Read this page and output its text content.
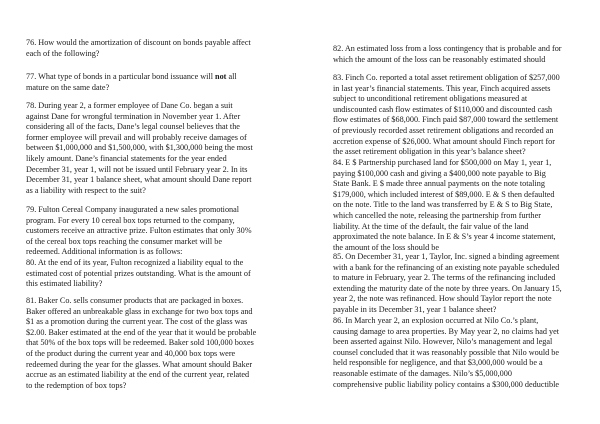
76. How would the amortization of discount on bonds payable affect
each of the following?

77. What type of bonds in a particular bond issuance will not all
mature on the same date?

78. During year 2, a former employee of Dane Co. began a suit
against Dane for wrongful termination in November year 1. After
considering all of the facts, Dane’s legal counsel believes that the
former employee will prevail and will probably receive damages of
between $1,000,000 and $1,500,000, with $1,300,000 being the most
likely amount. Dane’s financial statements for the year ended
December 31, year 1, will not be issued until February year 2. In its
December 31, year 1 balance sheet, what amount should Dane report
as a liability with respect to the suit?

79. Fulton Cereal Company inaugurated a new sales promotional
program. For every 10 cereal box tops returned to the company,
customers receive an attractive prize. Fulton estimates that only 30%
of the cereal box tops reaching the consumer market will be
redeemed. Additional information is as follows:

80. At the end of its year, Fulton recognized a liability equal to the
estimated cost of potential prizes outstanding. What is the amount of
this estimated liability?

81. Baker Co. sells consumer products that are packaged in boxes.
Baker offered an unbreakable glass in exchange for two box tops and
$1 as a promotion during the current year. The cost of the glass was
$2.00. Baker estimated at the end of the year that it would be probable
that 50% of the box tops will be redeemed. Baker sold 100,000 boxes
of the product during the current year and 40,000 box tops were
redeemed during the year for the glasses. What amount should Baker
accrue as an estimated liability at the end of the current year, related
to the redemption of box tops?

82. An estimated loss from a loss contingency that is probable and for
which the amount of the loss can be reasonably estimated should

83. Finch Co. reported a total asset retirement obligation of $257,000
in last year’s financial statements. This year, Finch acquired assets
subject to unconditional retirement obligations measured at
undiscounted cash flow estimates of $110,000 and discounted cash
flow estimates of $68,000. Finch paid $87,000 toward the settlement
of previously recorded asset retirement obligations and recorded an
accretion expense of $26,000. What amount should Finch report for
the asset retirement obligation in this year’s balance sheet?

84. E $ Partnership purchased land for $500,000 on May 1, year 1,
paying $100,000 cash and giving a $400,000 note payable to Big
State Bank. E $ made three annual payments on the note totaling
$179,000, which included interest of $89,000. E & S then defaulted
on the note. Title to the land was transferred by E & S to Big State,
which cancelled the note, releasing the partnership from further
liability. At the time of the default, the fair value of the land
approximated the note balance. In E & S’s year 4 income statement,
the amount of the loss should be

85. On December 31, year 1, Taylor, Inc. signed a binding agreement
with a bank for the refinancing of an existing note payable scheduled
to mature in February, year 2. The terms of the refinancing included
extending the maturity date of the note by three years. On January 15,
year 2, the note was refinanced. How should Taylor report the note
payable in its December 31, year 1 balance sheet?

86. In March year 2, an explosion occurred at Nilo Co.’s plant,
causing damage to area properties. By May year 2, no claims had yet
been asserted against Nilo. However, Nilo’s management and legal
counsel concluded that it was reasonably possible that Nilo would be
held responsible for negligence, and that $3,000,000 would be a
reasonable estimate of the damages. Nilo’s $5,000,000
comprehensive public liability policy contains a $300,000 deductible
